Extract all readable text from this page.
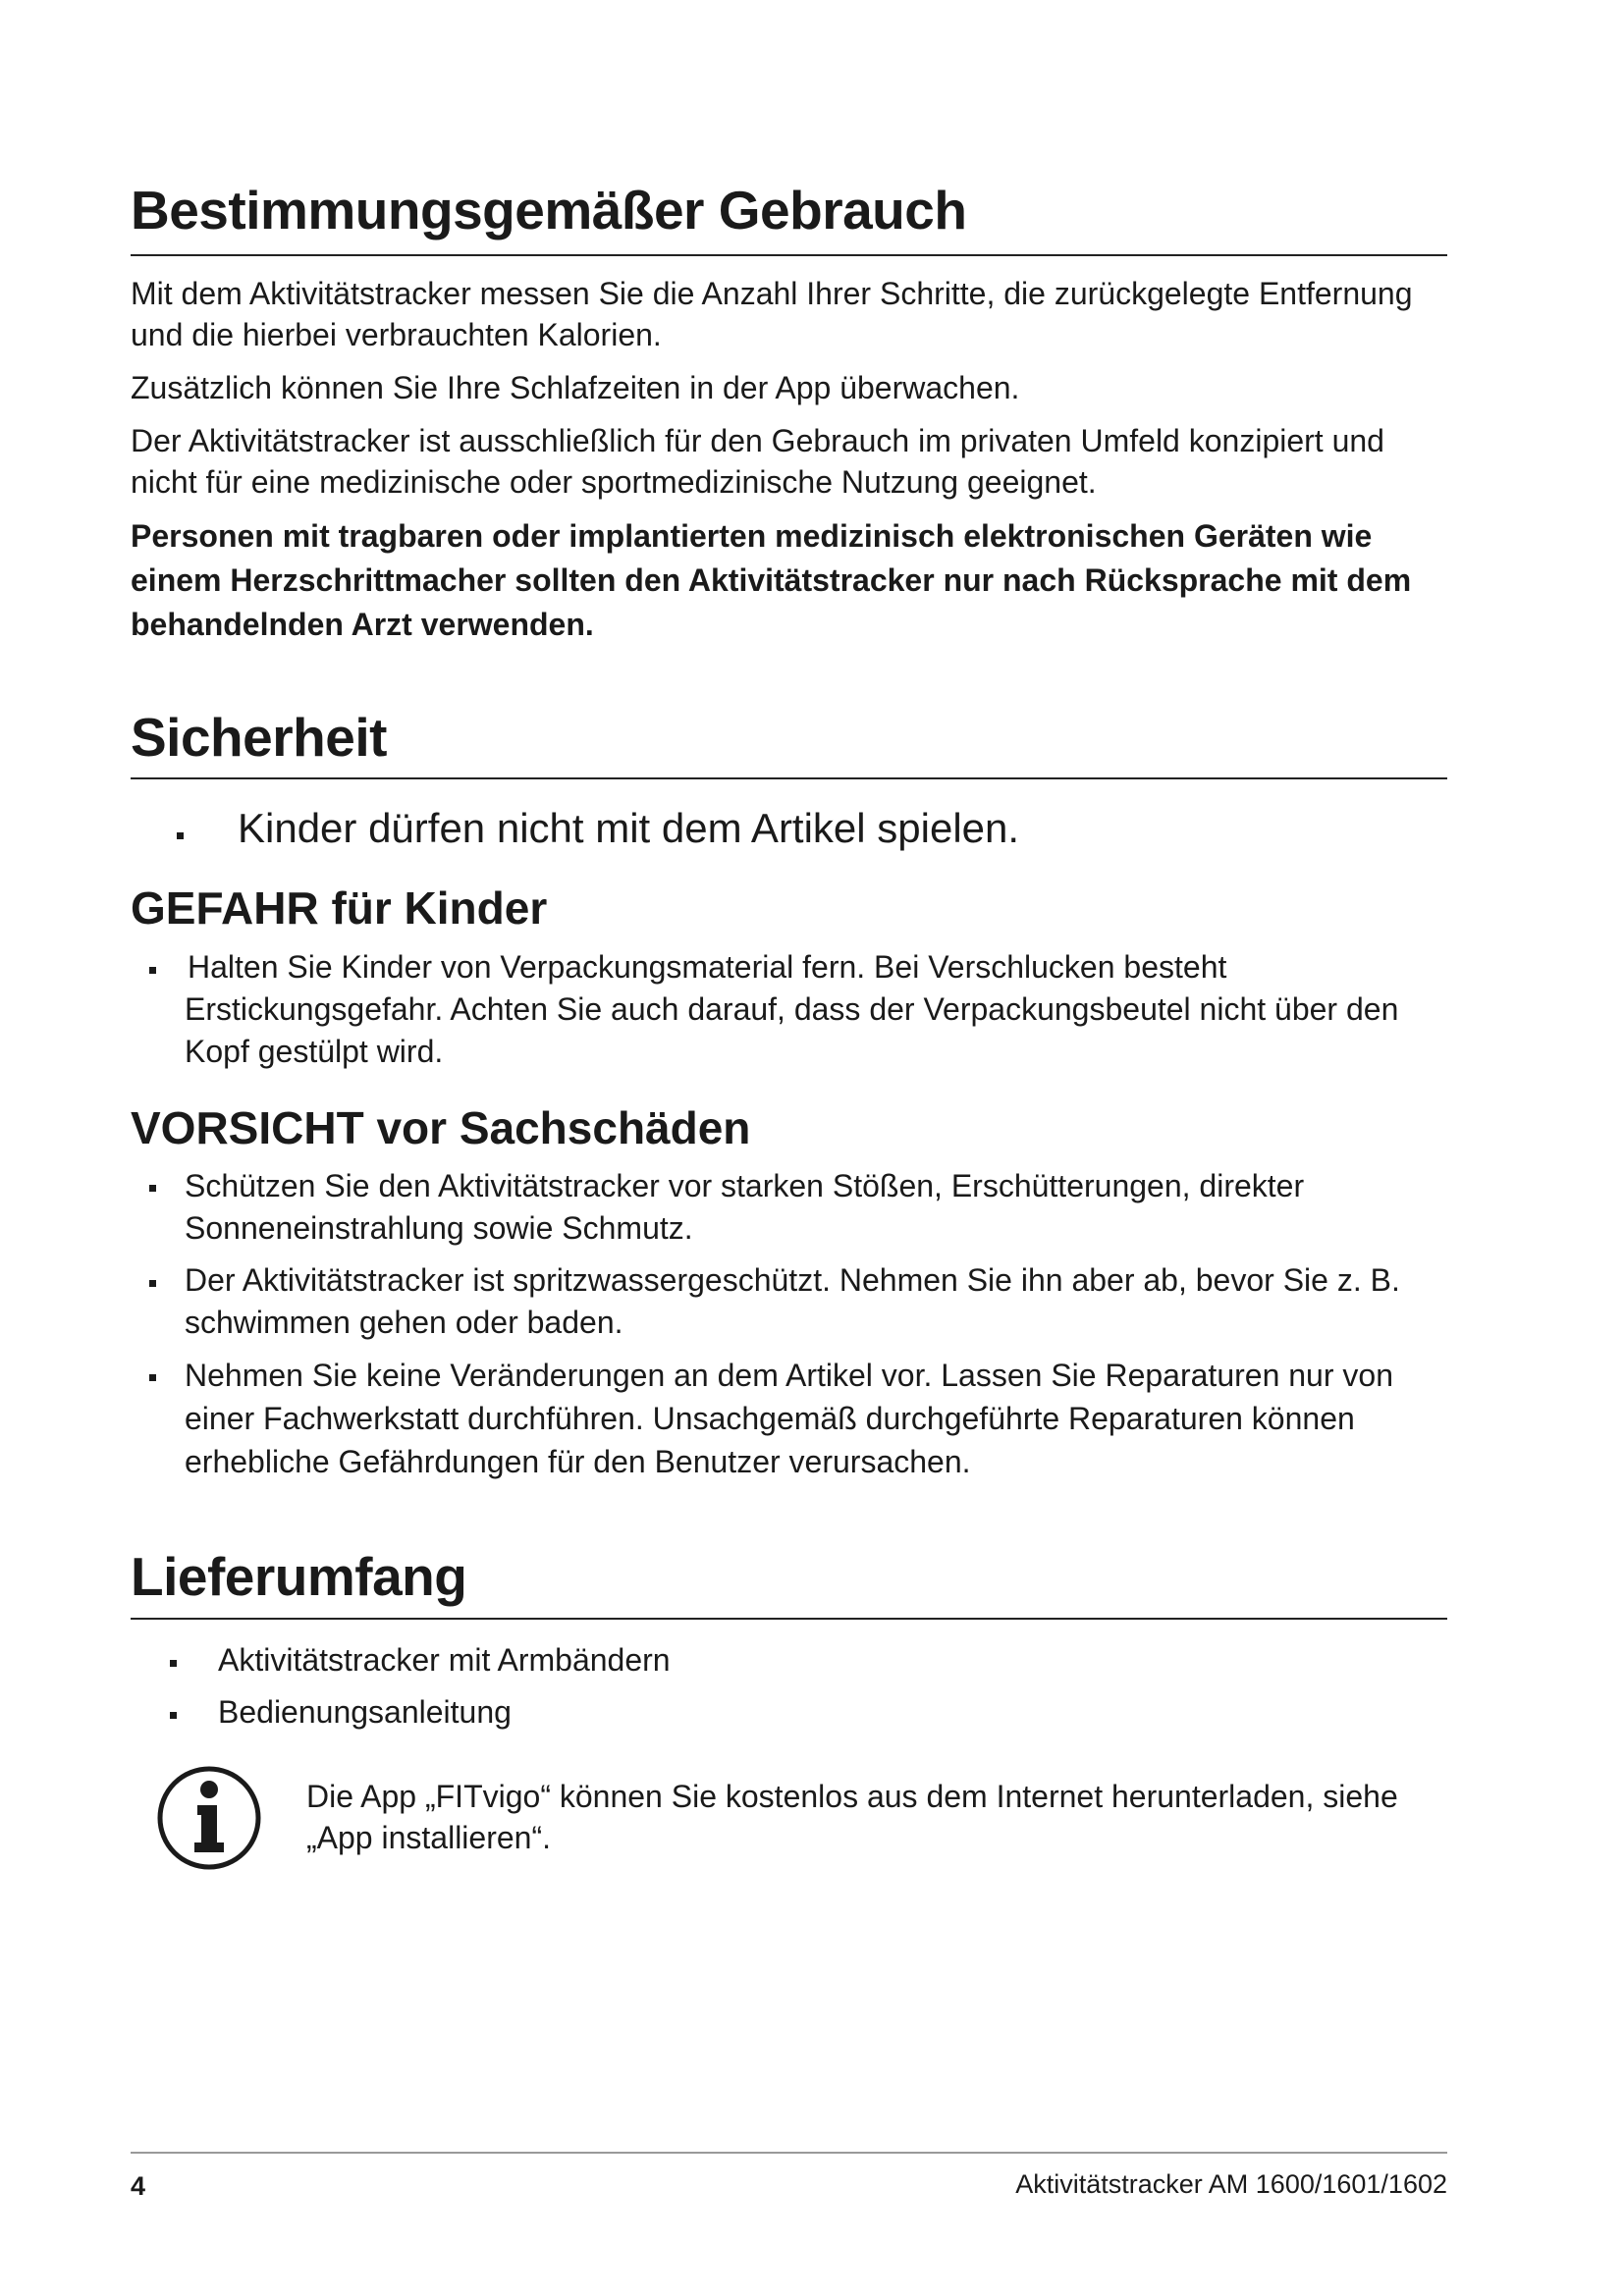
Bestimmungsgemäßer Gebrauch

Mit dem Aktivitätstracker messen Sie die Anzahl Ihrer Schritte, die zurückgelegte Entfernung und die hierbei verbrauchten Kalorien.

Zusätzlich können Sie Ihre Schlafzeiten in der App überwachen.

Der Aktivitätstracker ist ausschließlich für den Gebrauch im privaten Umfeld konzipiert und nicht für eine medizinische oder sportmedizinische Nutzung geeignet.

Personen mit tragbaren oder implantierten medizinisch elektronischen Geräten wie einem Herzschrittmacher sollten den Aktivitätstracker nur nach Rücksprache mit dem behandelnden Arzt verwenden.

Sicherheit

Kinder dürfen nicht mit dem Artikel spielen.

GEFAHR für Kinder

Halten Sie Kinder von Verpackungsmaterial fern. Bei Verschlucken besteht Erstickungsgefahr. Achten Sie auch darauf, dass der Verpackungsbeutel nicht über den Kopf gestülpt wird.

VORSICHT vor Sachschäden

Schützen Sie den Aktivitätstracker vor starken Stößen, Erschütterungen, direkter Sonneneinstrahlung sowie Schmutz.

Der Aktivitätstracker ist spritzwassergeschützt. Nehmen Sie ihn aber ab, bevor Sie z. B. schwimmen gehen oder baden.

Nehmen Sie keine Veränderungen an dem Artikel vor. Lassen Sie Reparaturen nur von einer Fachwerkstatt durchführen. Unsachgemäß durchgeführte Reparaturen können erhebliche Gefährdungen für den Benutzer verursachen.

Lieferumfang

Aktivitätstracker mit Armbändern

Bedienungsanleitung

Die App „FITvigo“ können Sie kostenlos aus dem Internet herunterladen, siehe „App installieren“.

4	Aktivitätstracker AM 1600/1601/1602
